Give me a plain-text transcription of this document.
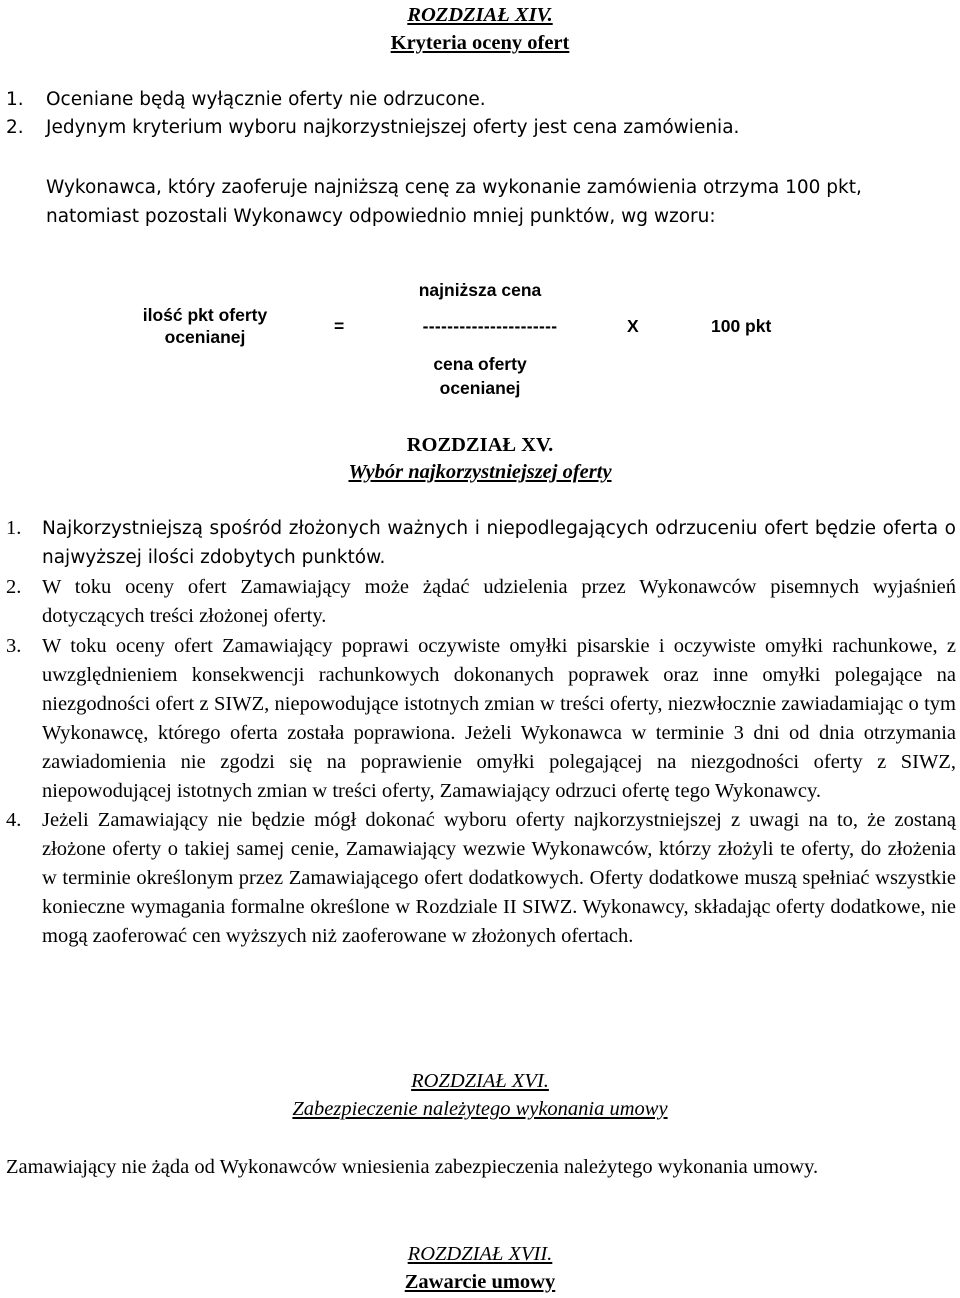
ROZDZIAŁ XIV.
Kryteria oceny ofert
1. Oceniane będą wyłącznie oferty nie odrzucone.
2. Jedynym kryterium wyboru najkorzystniejszej oferty jest cena zamówienia.
Wykonawca, który zaoferuje najniższą cenę za wykonanie zamówienia otrzyma 100 pkt,
natomiast pozostali Wykonawcy odpowiednio mniej punktów, wg wzoru:
ilość pkt oferty
ocenianej
=
najniższa cena
----------------------
cena oferty
ocenianej
X	100 pkt
ROZDZIAŁ XV.
Wybór najkorzystniejszej oferty
1. Najkorzystniejszą spośród złożonych ważnych i niepodlegających odrzuceniu ofert będzie oferta o najwyższej ilości zdobytych punktów.
2. W toku oceny ofert Zamawiający może żądać udzielenia przez Wykonawców pisemnych wyjaśnień dotyczących treści złożonej oferty.
3. W toku oceny ofert Zamawiający poprawi oczywiste omyłki pisarskie i oczywiste omyłki rachunkowe, z uwzględnieniem konsekwencji rachunkowych dokonanych poprawek oraz inne omyłki polegające na niezgodności ofert z SIWZ, niepowodujące istotnych zmian w treści oferty, niezwłocznie zawiadamiając o tym Wykonawcę, którego oferta została poprawiona. Jeżeli Wykonawca w terminie 3 dni od dnia otrzymania zawiadomienia nie zgodzi się na poprawienie omyłki polegającej na niezgodności oferty z SIWZ, niepowodującej istotnych zmian w treści oferty, Zamawiający odrzuci ofertę tego Wykonawcy.
4. Jeżeli Zamawiający nie będzie mógł dokonać wyboru oferty najkorzystniejszej z uwagi na to, że zostaną złożone oferty o takiej samej cenie, Zamawiający wezwie Wykonawców, którzy złożyli te oferty, do złożenia w terminie określonym przez Zamawiającego ofert dodatkowych. Oferty dodatkowe muszą spełniać wszystkie konieczne wymagania formalne określone w Rozdziale II SIWZ. Wykonawcy, składając oferty dodatkowe, nie mogą zaoferować cen wyższych niż zaoferowane w złożonych ofertach.
ROZDZIAŁ XVI.
Zabezpieczenie należytego wykonania umowy
Zamawiający nie żąda od Wykonawców wniesienia zabezpieczenia należytego wykonania umowy.
ROZDZIAŁ XVII.
Zawarcie umowy
